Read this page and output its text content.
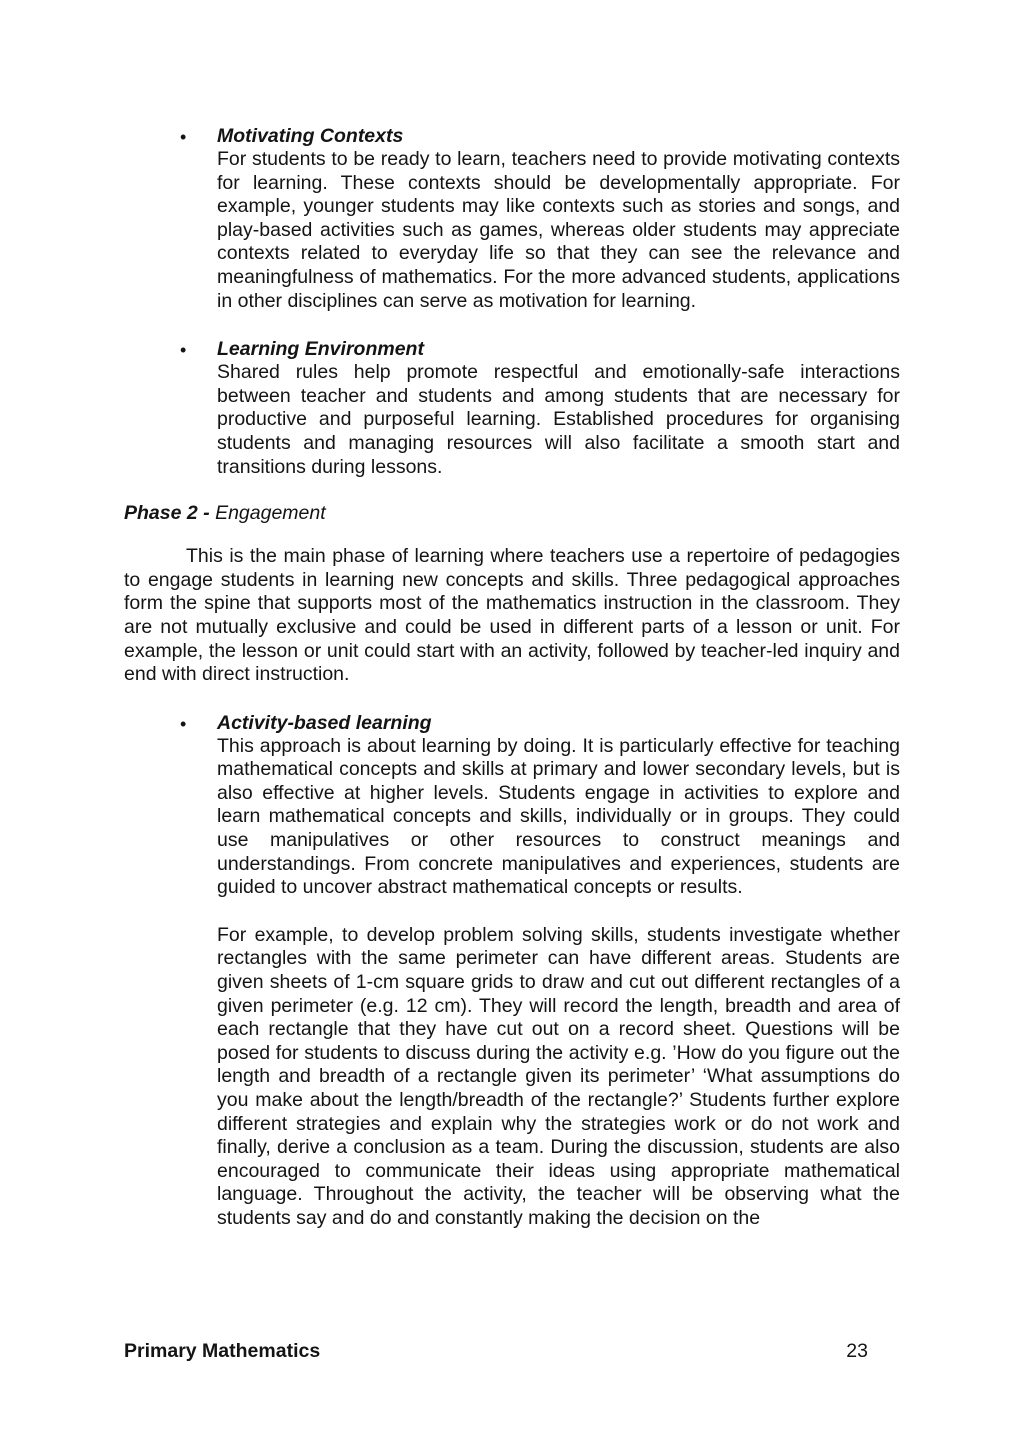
• Motivating Contexts

For students to be ready to learn, teachers need to provide motivating contexts for learning. These contexts should be developmentally appropriate. For example, younger students may like contexts such as stories and songs, and play-based activities such as games, whereas older students may appreciate contexts related to everyday life so that they can see the relevance and meaningfulness of mathematics. For the more advanced students, applications in other disciplines can serve as motivation for learning.

• Learning Environment

Shared rules help promote respectful and emotionally-safe interactions between teacher and students and among students that are necessary for productive and purposeful learning. Established procedures for organising students and managing resources will also facilitate a smooth start and transitions during lessons.

Phase 2 - Engagement

This is the main phase of learning where teachers use a repertoire of pedagogies to engage students in learning new concepts and skills. Three pedagogical approaches form the spine that supports most of the mathematics instruction in the classroom. They are not mutually exclusive and could be used in different parts of a lesson or unit. For example, the lesson or unit could start with an activity, followed by teacher-led inquiry and end with direct instruction.

• Activity-based learning

This approach is about learning by doing. It is particularly effective for teaching mathematical concepts and skills at primary and lower secondary levels, but is also effective at higher levels. Students engage in activities to explore and learn mathematical concepts and skills, individually or in groups. They could use manipulatives or other resources to construct meanings and understandings. From concrete manipulatives and experiences, students are guided to uncover abstract mathematical concepts or results.

For example, to develop problem solving skills, students investigate whether rectangles with the same perimeter can have different areas. Students are given sheets of 1-cm square grids to draw and cut out different rectangles of a given perimeter (e.g. 12 cm). They will record the length, breadth and area of each rectangle that they have cut out on a record sheet. Questions will be posed for students to discuss during the activity e.g. ’How do you figure out the length and breadth of a rectangle given its perimeter’ ‘What assumptions do you make about the length/breadth of the rectangle?’ Students further explore different strategies and explain why the strategies work or do not work and finally, derive a conclusion as a team. During the discussion, students are also encouraged to communicate their ideas using appropriate mathematical language. Throughout the activity, the teacher will be observing what the students say and do and constantly making the decision on the

Primary Mathematics	23
